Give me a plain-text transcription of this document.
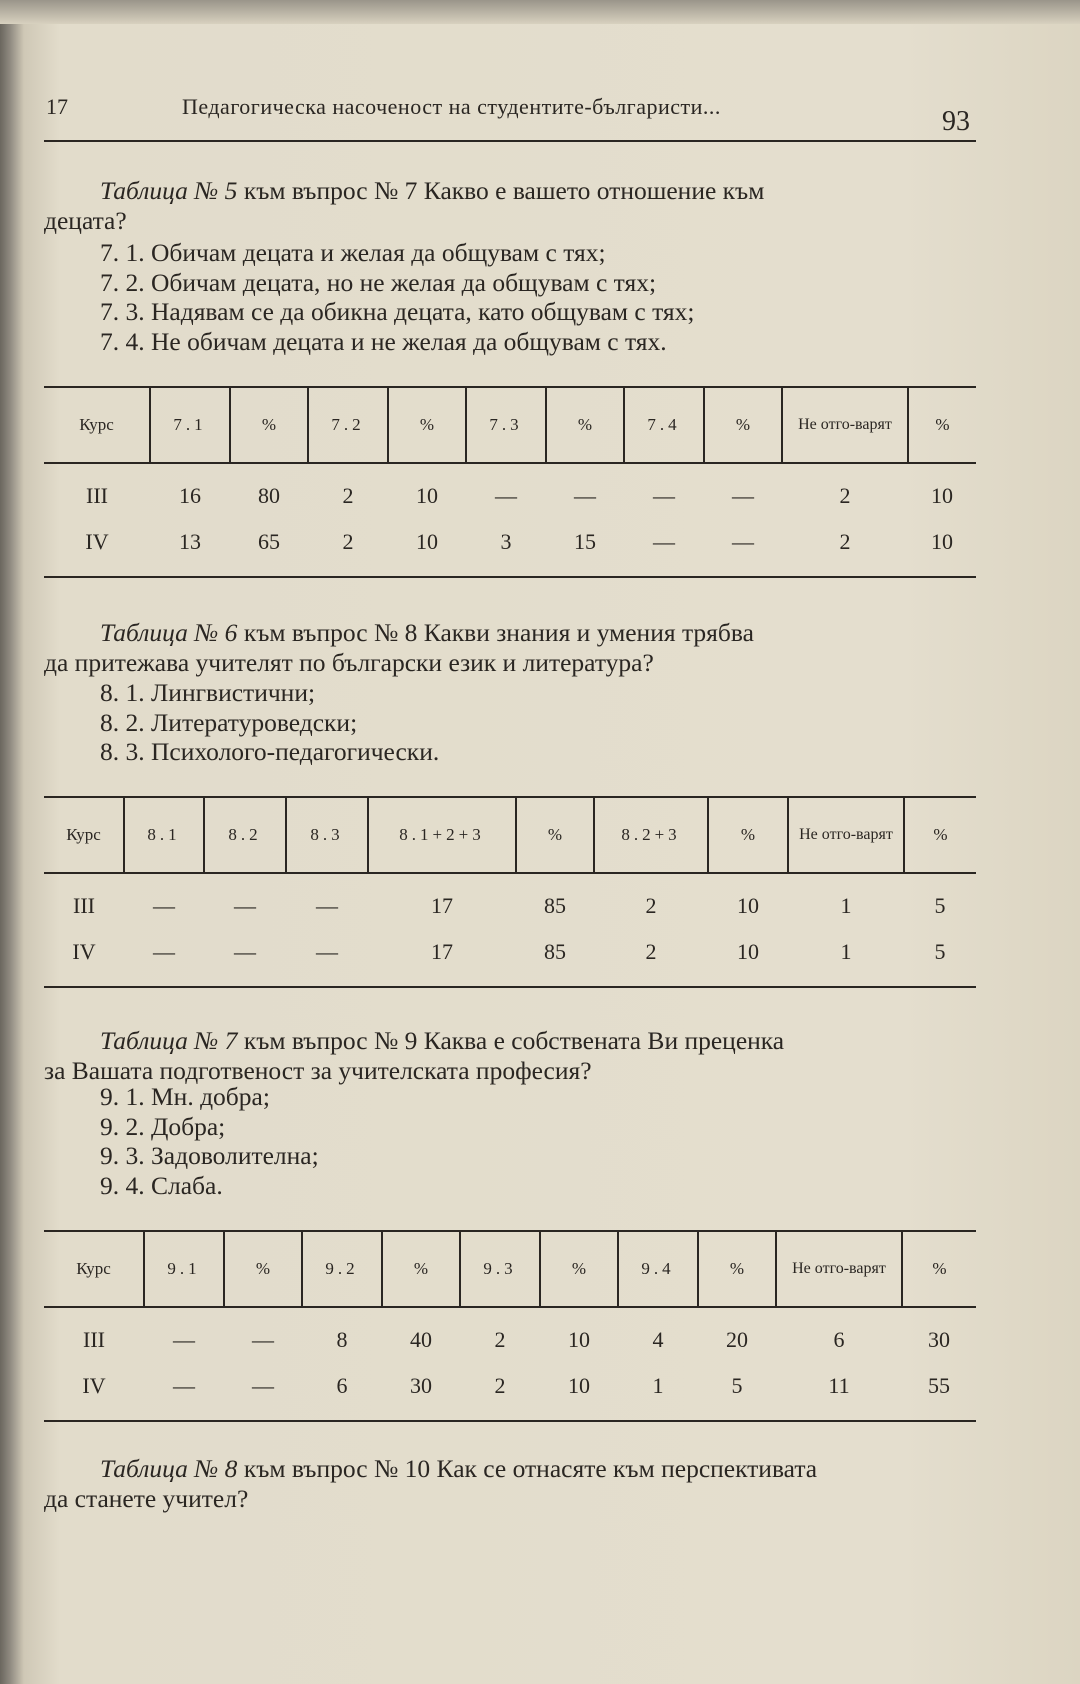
17	Педагогическа насоченост на студентите-българисти...	93
Таблица № 5 към въпрос № 7 Какво е вашето отношение към
децата?
7. 1. Обичам децата и желая да общувам с тях;
7. 2. Обичам децата, но не желая да общувам с тях;
7. 3. Надявам се да обикна децата, като общувам с тях;
7. 4. Не обичам децата и не желая да общувам с тях.
Курс	7.1	%	7.2	%	7.3	%	7.4	%	Не отго-варят	%
III	16	80	2	10	—	—	—	—	2	10
IV	13	65	2	10	3	15	—	—	2	10
Таблица № 6 към въпрос № 8 Какви знания и умения трябва
да притежава учителят по български език и литература?
8. 1. Лингвистични;
8. 2. Литературоведски;
8. 3. Психолого-педагогически.
Курс	8.1	8.2	8.3	8.1+2+3	%	8.2+3	%	Не отго-варят	%
III	—	—	—	17	85	2	10	1	5
IV	—	—	—	17	85	2	10	1	5
Таблица № 7 към въпрос № 9 Каква е собствената Ви преценка
за Вашата подготвеност за учителската професия?
9. 1. Мн. добра;
9. 2. Добра;
9. 3. Задоволителна;
9. 4. Слаба.
Курс	9.1	%	9.2	%	9.3	%	9.4	%	Не отго-варят	%
III	—	—	8	40	2	10	4	20	6	30
IV	—	—	6	30	2	10	1	5	11	55
Таблица № 8 към въпрос № 10 Как се отнасяте към перспективата
да станете учител?
